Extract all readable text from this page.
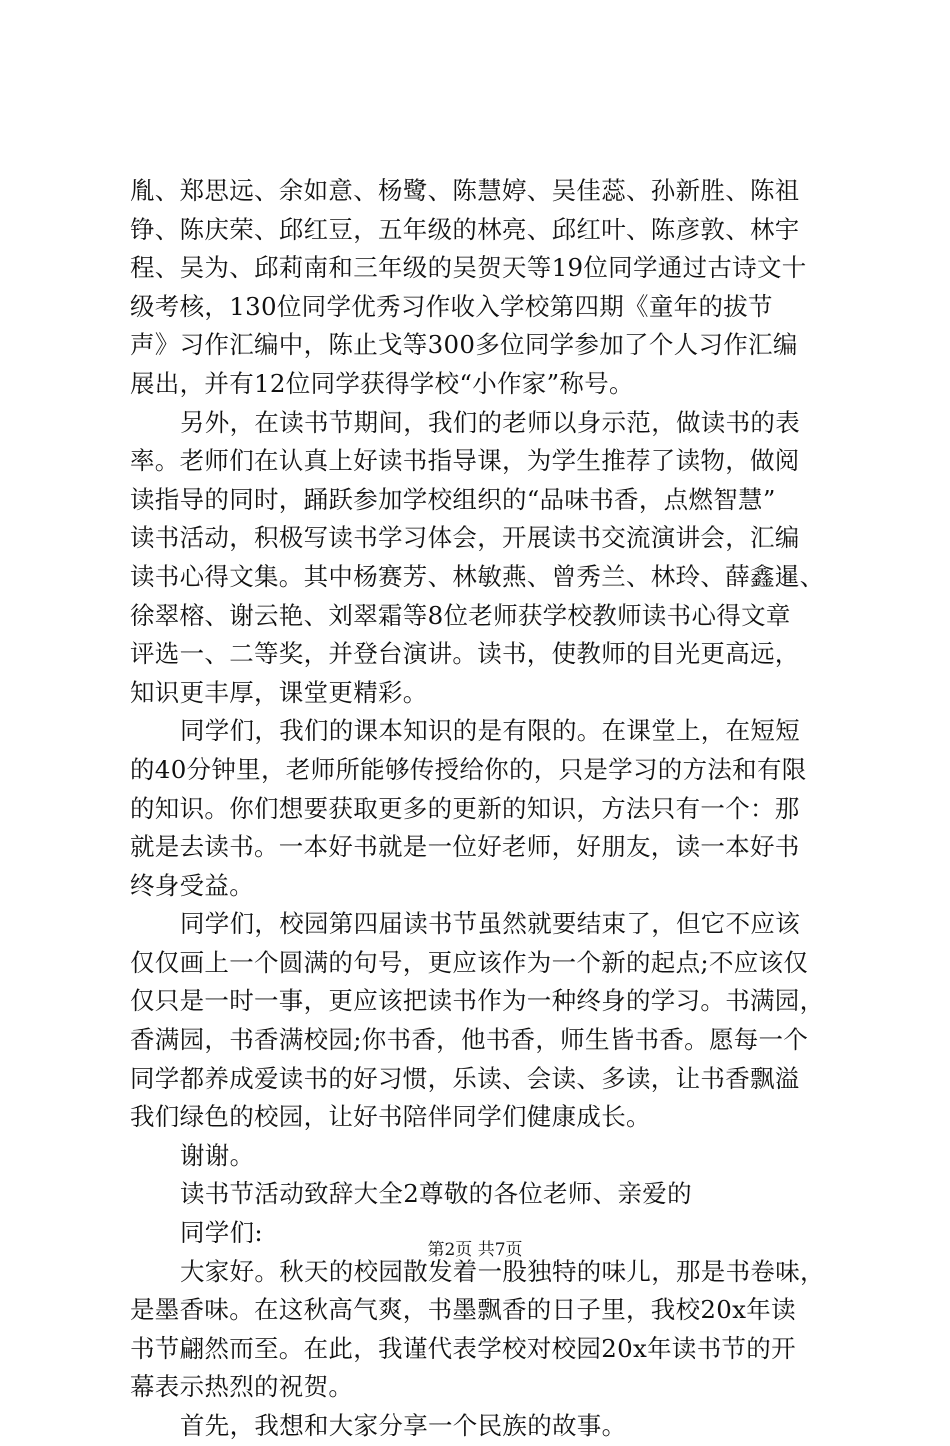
胤、郑思远、余如意、杨鹭、陈慧婷、吴佳蕊、孙新胜、陈祖
铮、陈庆荣、邱红豆，五年级的林亮、邱红叶、陈彦敦、林宇
程、吴为、邱莉南和三年级的吴贺天等19位同学通过古诗文十
级考核，130位同学优秀习作收入学校第四期《童年的拔节
声》习作汇编中，陈止戈等300多位同学参加了个人习作汇编
展出，并有12位同学获得学校“小作家”称号。
另外，在读书节期间，我们的老师以身示范，做读书的表
率。老师们在认真上好读书指导课，为学生推荐了读物，做阅
读指导的同时，踊跃参加学校组织的“品味书香，点燃智慧”
读书活动，积极写读书学习体会，开展读书交流演讲会，汇编
读书心得文集。其中杨赛芳、林敏燕、曾秀兰、林玲、薛鑫暹、
徐翠榕、谢云艳、刘翠霜等8位老师获学校教师读书心得文章
评选一、二等奖，并登台演讲。读书，使教师的目光更高远，
知识更丰厚，课堂更精彩。
同学们，我们的课本知识的是有限的。在课堂上，在短短
的40分钟里，老师所能够传授给你的，只是学习的方法和有限
的知识。你们想要获取更多的更新的知识，方法只有一个：那
就是去读书。一本好书就是一位好老师，好朋友，读一本好书
终身受益。
同学们，校园第四届读书节虽然就要结束了，但它不应该
仅仅画上一个圆满的句号，更应该作为一个新的起点;不应该仅
仅只是一时一事，更应该把读书作为一种终身的学习。书满园，
香满园，书香满校园;你书香，他书香，师生皆书香。愿每一个
同学都养成爱读书的好习惯，乐读、会读、多读，让书香飘溢
我们绿色的校园，让好书陪伴同学们健康成长。
谢谢。
读书节活动致辞大全2尊敬的各位老师、亲爱的
同学们:
大家好。秋天的校园散发着一股独特的味儿，那是书卷味，
是墨香味。在这秋高气爽，书墨飘香的日子里，我校20x年读
书节翩然而至。在此，我谨代表学校对校园20x年读书节的开
幕表示热烈的祝贺。
首先，我想和大家分享一个民族的故事。
第2页 共7页
